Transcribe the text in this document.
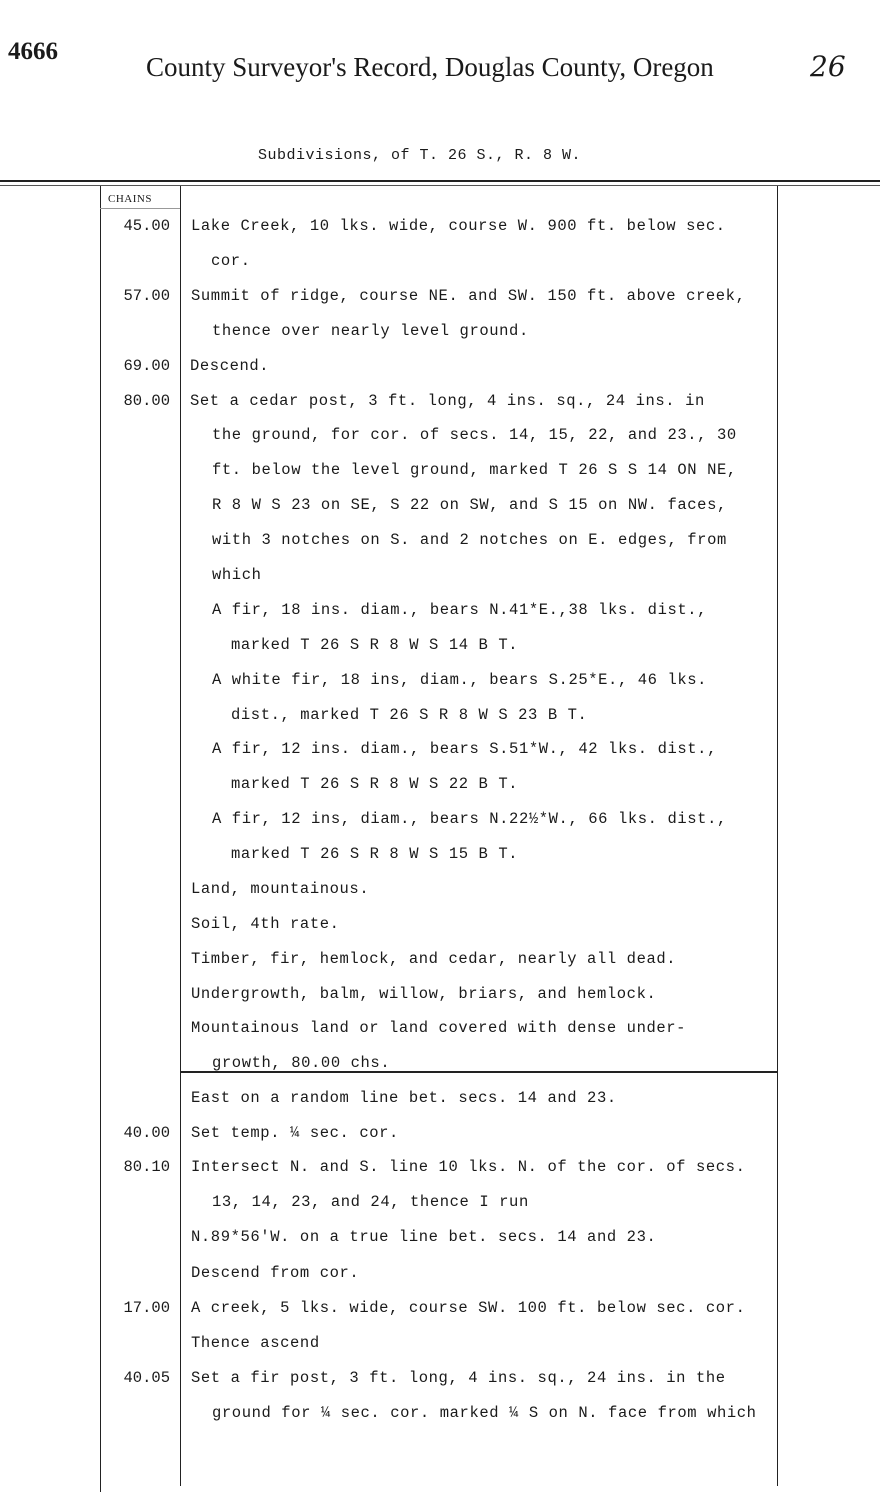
4666
County Surveyor's Record, Douglas County, Oregon	26
Subdivisions, of T. 26 S., R. 8 W.
CHAINS
45.00
57.00
69.00
80.00
40.00
80.10
17.00
40.05
Lake Creek, 10 lks. wide, course W. 900 ft. below sec.
cor.
Summit of ridge, course NE. and SW. 150 ft. above creek,
thence over nearly level ground.
Descend.
Set a cedar post, 3 ft. long, 4 ins. sq., 24 ins. in
the ground, for cor. of secs. 14, 15, 22, and 23., 30
ft. below the level ground, marked T 26 S S 14 ON NE,
R 8 W S 23 on SE, S 22 on SW, and S 15 on NW. faces,
with 3 notches on S. and 2 notches on E. edges, from
which
A fir, 18 ins. diam., bears N.41*E.,38 lks. dist.,
marked T 26 S R 8 W S 14 B T.
A white fir, 18 ins, diam., bears S.25*E., 46 lks.
dist., marked T 26 S R 8 W S 23 B T.
A fir, 12 ins. diam., bears S.51*W., 42 lks. dist.,
marked T 26 S R 8 W S 22 B T.
A fir, 12 ins, diam., bears N.22½*W., 66 lks. dist.,
marked T 26 S R 8 W S 15 B T.
Land, mountainous.
Soil, 4th rate.
Timber, fir, hemlock, and cedar, nearly all dead.
Undergrowth, balm, willow, briars, and hemlock.
Mountainous land or land covered with dense under-
growth, 80.00 chs.
East on a random line bet. secs. 14 and 23.
Set temp. ¼ sec. cor.
Intersect N. and S. line 10 lks. N. of the cor. of secs.
13, 14, 23, and 24, thence I run
N.89*56'W. on a true line bet. secs. 14 and 23.
Descend from cor.
A creek, 5 lks. wide, course SW. 100 ft. below sec. cor.
Thence ascend
Set a fir post, 3 ft. long, 4 ins. sq., 24 ins. in the
ground for ¼ sec. cor. marked ¼ S on N. face from which
